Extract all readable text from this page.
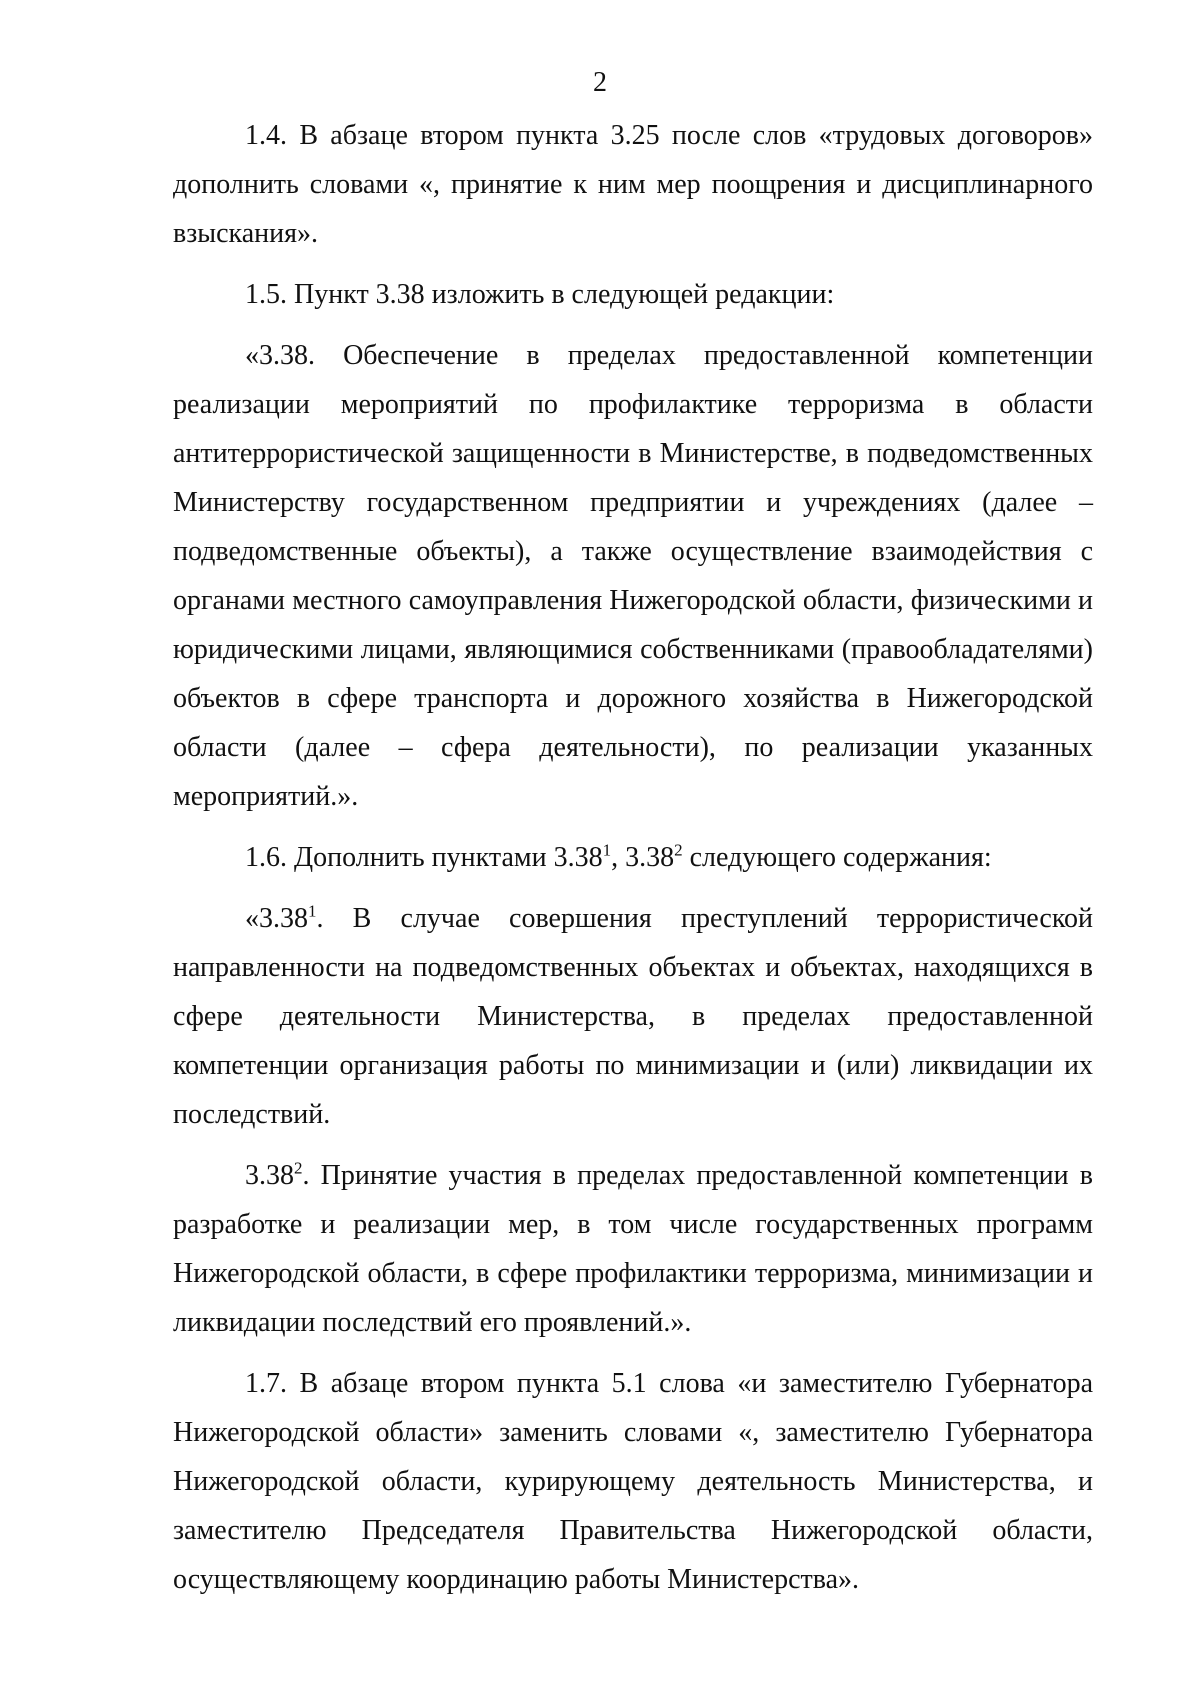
2

1.4. В абзаце втором пункта 3.25 после слов «трудовых договоров» дополнить словами «, принятие к ним мер поощрения и дисциплинарного взыскания».

1.5. Пункт 3.38 изложить в следующей редакции:

«3.38. Обеспечение в пределах предоставленной компетенции реализации мероприятий по профилактике терроризма в области антитеррористической защищенности в Министерстве, в подведомственных Министерству государственном предприятии и учреждениях (далее – подведомственные объекты), а также осуществление взаимодействия с органами местного самоуправления Нижегородской области, физическими и юридическими лицами, являющимися собственниками (правообладателями) объектов в сфере транспорта и дорожного хозяйства в Нижегородской области (далее – сфера деятельности), по реализации указанных мероприятий.».

1.6. Дополнить пунктами 3.38$^1$, 3.38$^2$ следующего содержания:

«3.38$^1$. В случае совершения преступлений террористической направленности на подведомственных объектах и объектах, находящихся в сфере деятельности Министерства, в пределах предоставленной компетенции организация работы по минимизации и (или) ликвидации их последствий.

3.38$^2$. Принятие участия в пределах предоставленной компетенции в разработке и реализации мер, в том числе государственных программ Нижегородской области, в сфере профилактики терроризма, минимизации и ликвидации последствий его проявлений.».

1.7. В абзаце втором пункта 5.1 слова «и заместителю Губернатора Нижегородской области» заменить словами «, заместителю Губернатора Нижегородской области, курирующему деятельность Министерства, и заместителю Председателя Правительства Нижегородской области, осуществляющему координацию работы Министерства».
